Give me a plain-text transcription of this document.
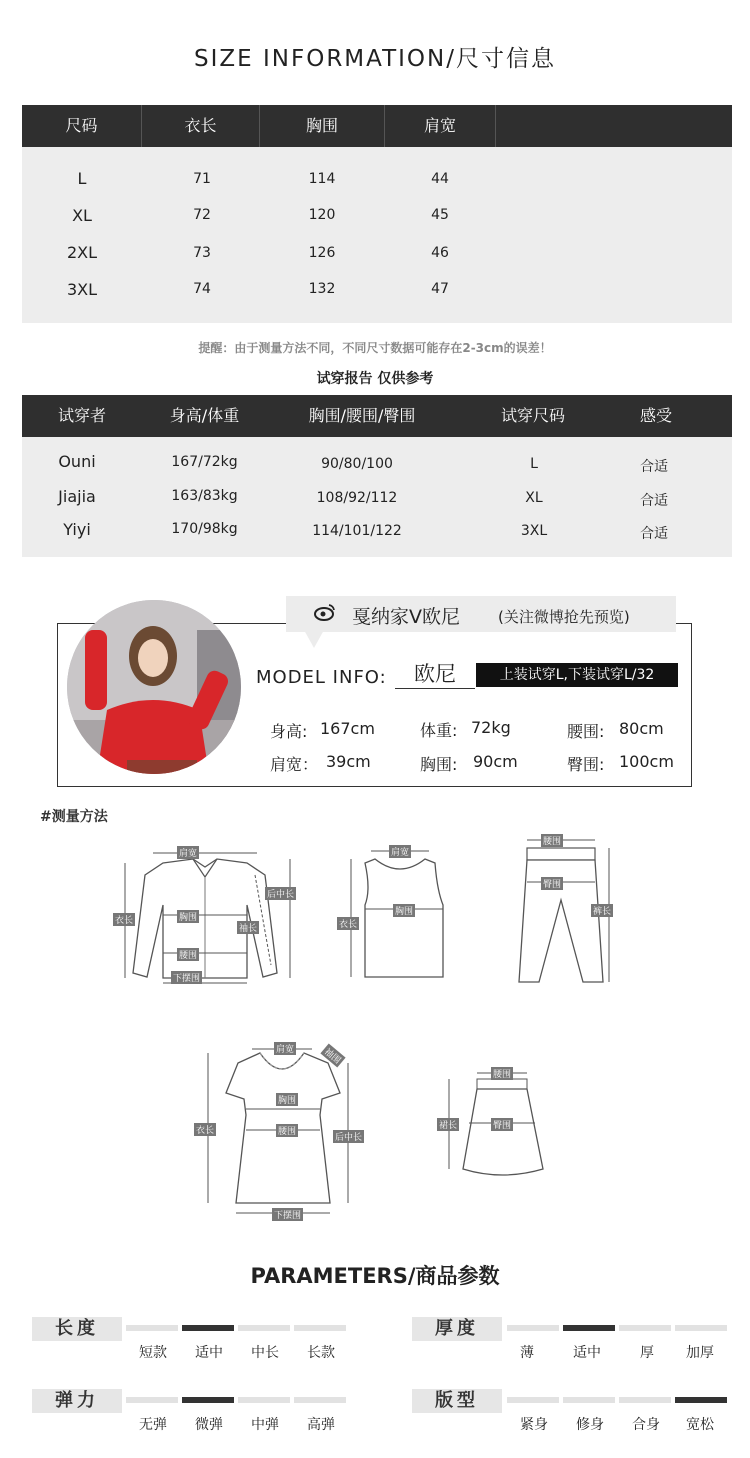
SIZE INFORMATION/尺寸信息
尺码	衣长	胸围	肩宽
L	71	114	44
XL	72	120	45
2XL	73	126	46
3XL	74	132	47
提醒：由于测量方法不同，不同尺寸数据可能存在2-3cm的误差！
试穿报告 仅供参考
试穿者	身高/体重	胸围/腰围/臀围	试穿尺码	感受
Ouni	167/72kg	90/80/100	L	合适
Jiajia	163/83kg	108/92/112	XL	合适
Yiyi	170/98kg	114/101/122	3XL	合适
戛纳家V欧尼	(关注微博抢先预览)
MODEL INFO:	欧尼	上装试穿L,下装试穿L/32
身高: 167cm	体重: 72kg	腰围: 80cm
肩宽： 39cm	胸围: 90cm	臀围: 100cm
#测量方法
肩宽
衣长	胸围
腰围
下摆围
后中长
袖长
肩宽
衣长
胸围
腰围
臀围
裤长
肩宽	袖围
衣长
胸围
腰围
后中长
下摆围
腰围
臀围
裙长
PARAMETERS/商品参数
长度
短款	适中	中长	长款
厚度
薄	适中	厚	加厚
弹力
无弹	微弹	中弹	高弹
版型
紧身	修身	合身	宽松
